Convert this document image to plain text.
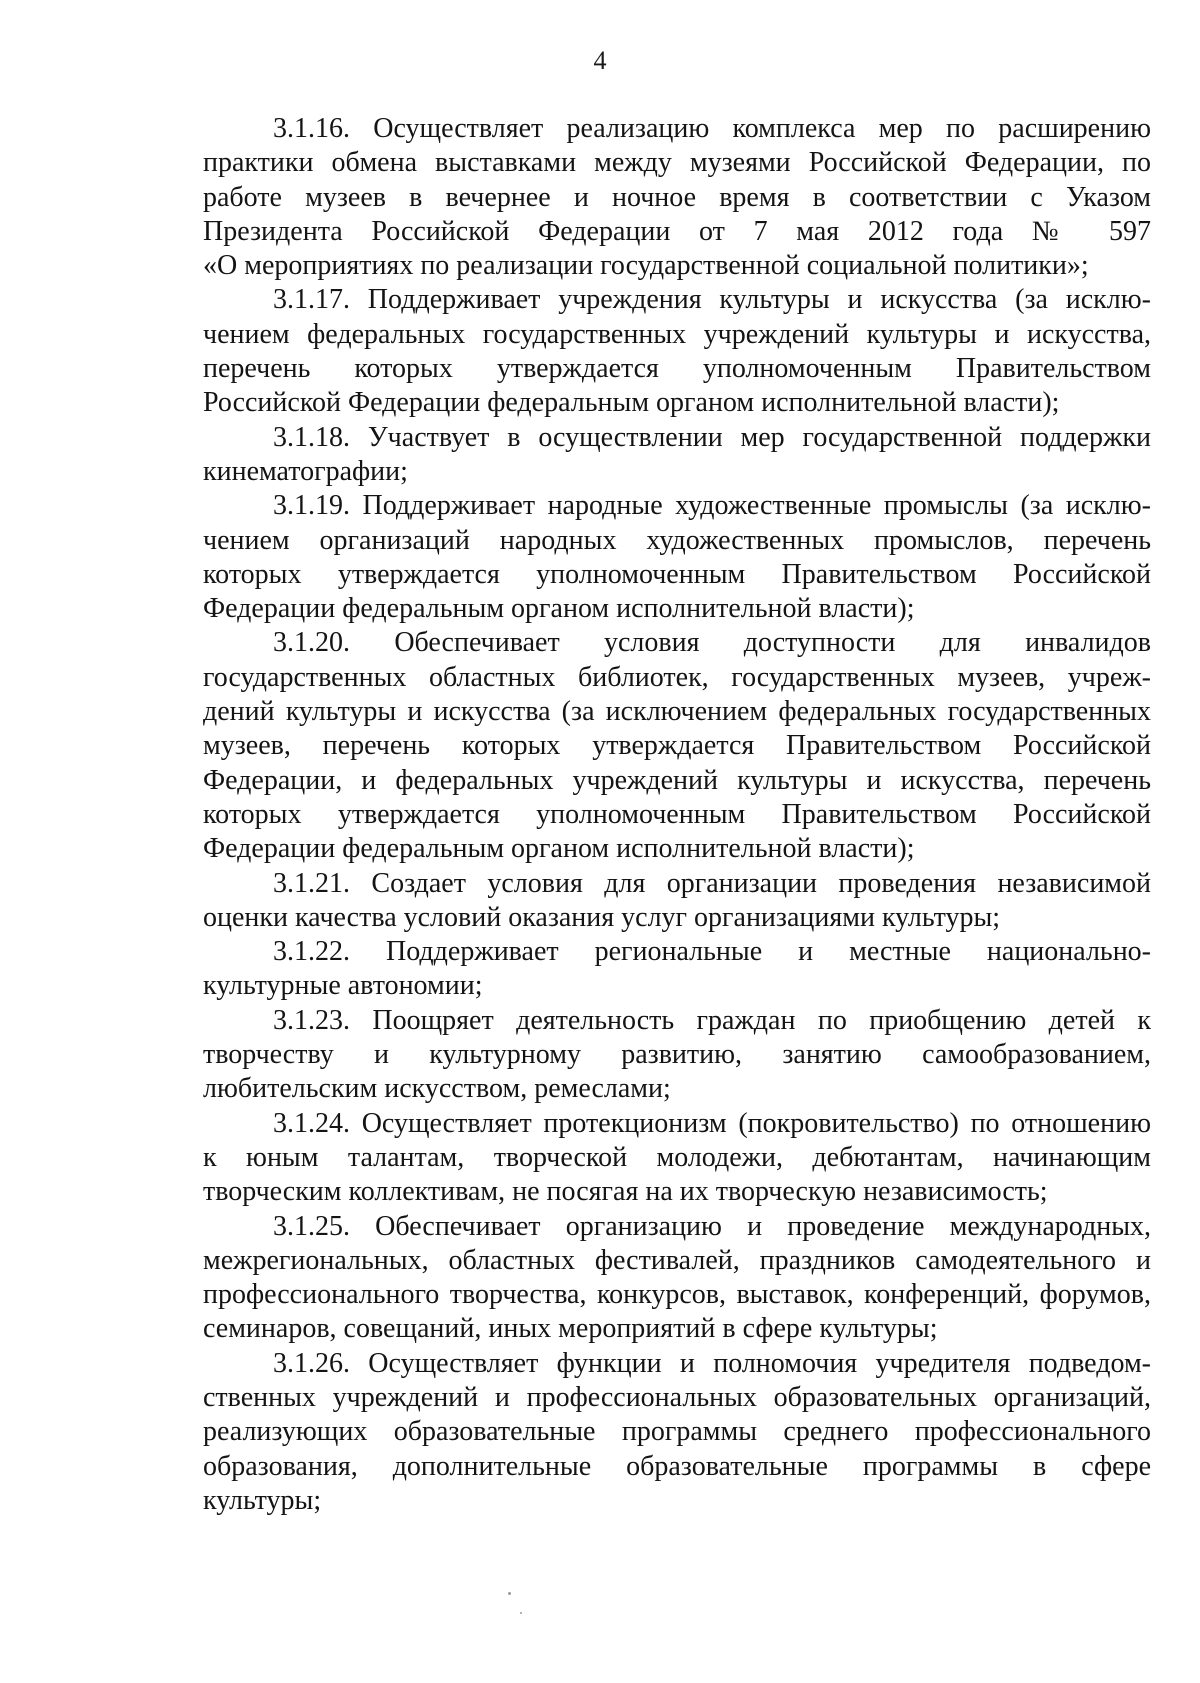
4
3.1.16. Осуществляет реализацию комплекса мер по расширению
практики обмена выставками между музеями Российской Федерации, по
работе музеев в вечернее и ночное время в соответствии с Указом
Президента Российской Федерации от 7 мая 2012 года № 597
«О мероприятиях по реализации государственной социальной политики»;
3.1.17. Поддерживает учреждения культуры и искусства (за исклю-
чением федеральных государственных учреждений культуры и искусства,
перечень которых утверждается уполномоченным Правительством
Российской Федерации федеральным органом исполнительной власти);
3.1.18. Участвует в осуществлении мер государственной поддержки
кинематографии;
3.1.19. Поддерживает народные художественные промыслы (за исклю-
чением организаций народных художественных промыслов, перечень
которых утверждается уполномоченным Правительством Российской
Федерации федеральным органом исполнительной власти);
3.1.20. Обеспечивает условия доступности для инвалидов
государственных областных библиотек, государственных музеев, учреж-
дений культуры и искусства (за исключением федеральных государственных
музеев, перечень которых утверждается Правительством Российской
Федерации, и федеральных учреждений культуры и искусства, перечень
которых утверждается уполномоченным Правительством Российской
Федерации федеральным органом исполнительной власти);
3.1.21. Создает условия для организации проведения независимой
оценки качества условий оказания услуг организациями культуры;
3.1.22. Поддерживает региональные и местные национально-
культурные автономии;
3.1.23. Поощряет деятельность граждан по приобщению детей к
творчеству и культурному развитию, занятию самообразованием,
любительским искусством, ремеслами;
3.1.24. Осуществляет протекционизм (покровительство) по отношению
к юным талантам, творческой молодежи, дебютантам, начинающим
творческим коллективам, не посягая на их творческую независимость;
3.1.25. Обеспечивает организацию и проведение международных,
межрегиональных, областных фестивалей, праздников самодеятельного и
профессионального творчества, конкурсов, выставок, конференций, форумов,
семинаров, совещаний, иных мероприятий в сфере культуры;
3.1.26. Осуществляет функции и полномочия учредителя подведом-
ственных учреждений и профессиональных образовательных организаций,
реализующих образовательные программы среднего профессионального
образования, дополнительные образовательные программы в сфере
культуры;
